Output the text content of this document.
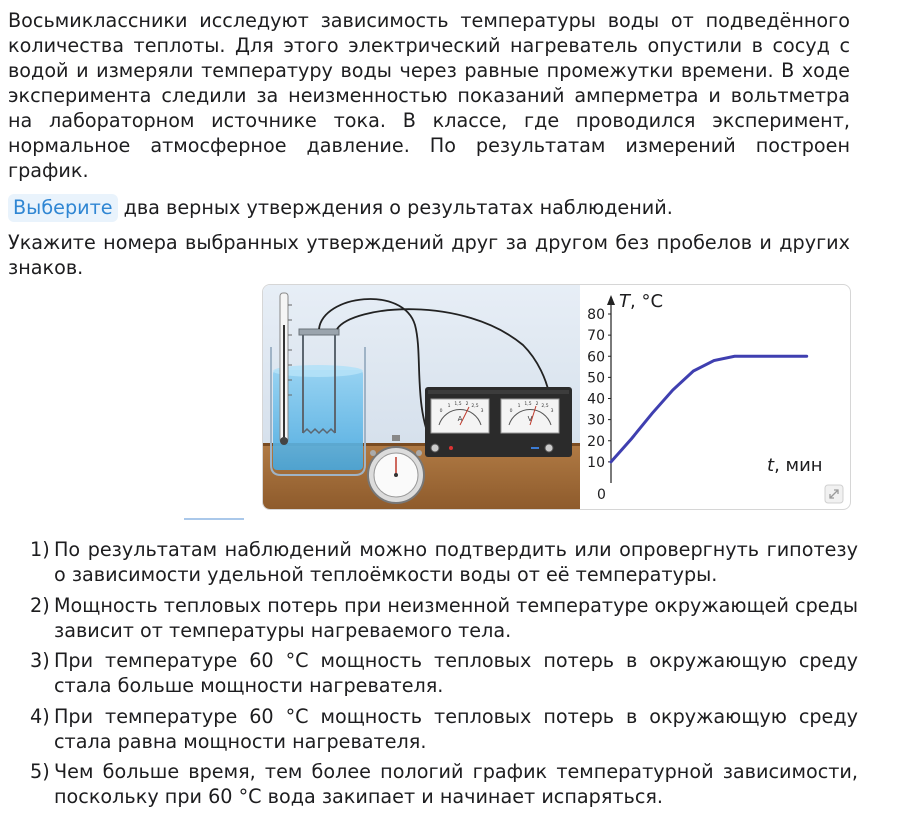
Восьмиклассники исследуют зависимость температуры воды от подведённого количества теплоты. Для этого электрический нагреватель опустили в сосуд с водой и измеряли температуру воды через равные промежутки времени. В ходе эксперимента следили за неизменностью показаний амперметра и вольтметра на лабораторном источнике тока. В классе, где проводился эксперимент, нормальное атмосферное давление. По результатам измерений построен график.
Выберите два верных утверждения о результатах наблюдений.
Укажите номера выбранных утверждений друг за другом без пробелов и других знаков.
A	V
0
1 1,5 2 2,5
3	0
1 1,5 2 2,5
3
10
20
30
40
50
60
70
80
T, °C
t, мин
0
1) По результатам наблюдений можно подтвердить или опровергнуть гипотезу о зависимости удельной теплоёмкости воды от её температуры.
2) Мощность тепловых потерь при неизменной температуре окружающей среды зависит от температуры нагреваемого тела.
3) При температуре 60 °С мощность тепловых потерь в окружающую среду стала больше мощности нагревателя.
4) При температуре 60 °С мощность тепловых потерь в окружающую среду стала равна мощности нагревателя.
5) Чем больше время, тем более пологий график температурной зависимости, поскольку при 60 °С вода закипает и начинает испаряться.
